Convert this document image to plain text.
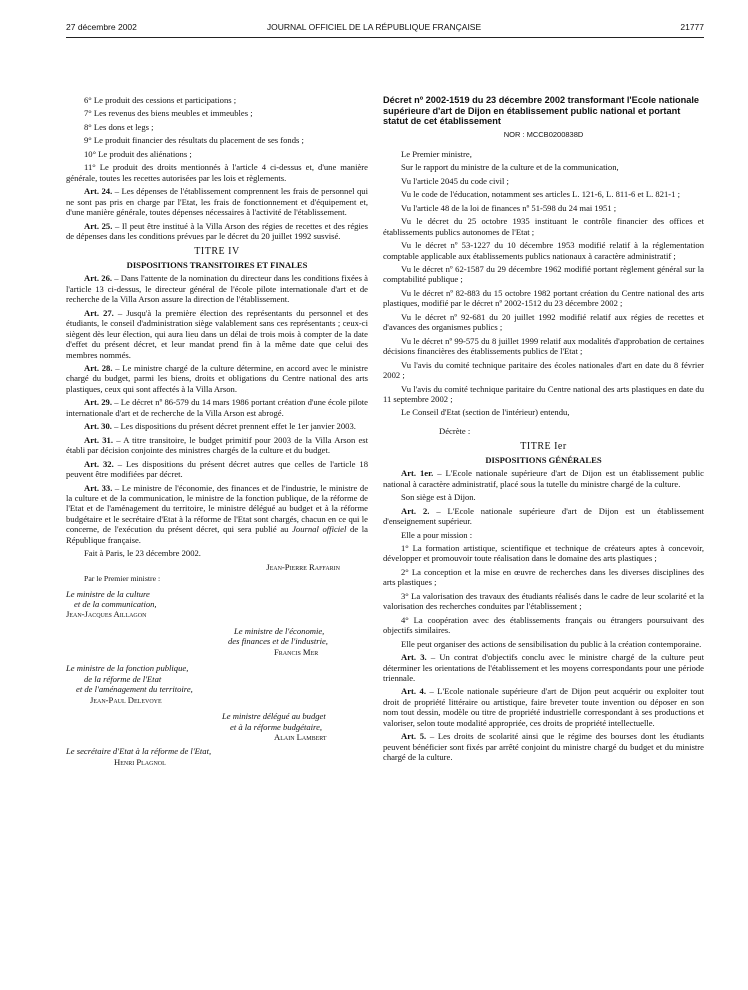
27 décembre 2002	JOURNAL OFFICIEL DE LA RÉPUBLIQUE FRANÇAISE	21777

6° Le produit des cessions et participations ;

7° Les revenus des biens meubles et immeubles ;

8° Les dons et legs ;

9° Le produit financier des résultats du placement de ses fonds ;

10° Le produit des aliénations ;

11° Le produit des droits mentionnés à l'article 4 ci-dessus et, d'une manière générale, toutes les recettes autorisées par les lois et règlements.

Art. 24. – Les dépenses de l'établissement comprennent les frais de personnel qui ne sont pas pris en charge par l'Etat, les frais de fonctionnement et d'équipement et, d'une manière générale, toutes dépenses nécessaires à l'activité de l'établissement.

Art. 25. – Il peut être institué à la Villa Arson des régies de recettes et des régies de dépenses dans les conditions prévues par le décret du 20 juillet 1992 susvisé.

TITRE IV
DISPOSITIONS TRANSITOIRES ET FINALES

Art. 26. – Dans l'attente de la nomination du directeur dans les conditions fixées à l'article 13 ci-dessus, le directeur général de l'école pilote internationale d'art et de recherche de la Villa Arson assure la direction de l'établissement.

Art. 27. – Jusqu'à la première élection des représentants du personnel et des étudiants, le conseil d'administration siège valablement sans ces représentants ; ceux-ci siègent dès leur élection, qui aura lieu dans un délai de trois mois à compter de la date d'effet du présent décret, et leur mandat prend fin à la même date que celui des membres nommés.

Art. 28. – Le ministre chargé de la culture détermine, en accord avec le ministre chargé du budget, parmi les biens, droits et obligations du Centre national des arts plastiques, ceux qui sont affectés à la Villa Arson.

Art. 29. – Le décret nº 86-579 du 14 mars 1986 portant création d'une école pilote internationale d'art et de recherche de la Villa Arson est abrogé.

Art. 30. – Les dispositions du présent décret prennent effet le 1er janvier 2003.

Art. 31. – A titre transitoire, le budget primitif pour 2003 de la Villa Arson est établi par décision conjointe des ministres chargés de la culture et du budget.

Art. 32. – Les dispositions du présent décret autres que celles de l'article 18 peuvent être modifiées par décret.

Art. 33. – Le ministre de l'économie, des finances et de l'industrie, le ministre de la culture et de la communication, le ministre de la fonction publique, de la réforme de l'Etat et de l'aménagement du territoire, le ministre délégué au budget et à la réforme budgétaire et le secrétaire d'Etat à la réforme de l'Etat sont chargés, chacun en ce qui le concerne, de l'exécution du présent décret, qui sera publié au Journal officiel de la République française.

Fait à Paris, le 23 décembre 2002.

Jean-Pierre Raffarin

Par le Premier ministre :

Le ministre de la culture

et de la communication,

Jean-Jacques Aillagon

Le ministre de l'économie,

des finances et de l'industrie,

Francis Mer

Le ministre de la fonction publique,

de la réforme de l'Etat

et de l'aménagement du territoire,

Jean-Paul Delevoye

Le ministre délégué au budget

et à la réforme budgétaire,

Alain Lambert

Le secrétaire d'Etat à la réforme de l'Etat,

Henri Plagnol

Décret nº 2002-1519 du 23 décembre 2002 transformant l'Ecole nationale supérieure d'art de Dijon en établissement public national et portant statut de cet établissement

NOR : MCCB0200838D

Le Premier ministre,

Sur le rapport du ministre de la culture et de la communication,

Vu l'article 2045 du code civil ;

Vu le code de l'éducation, notamment ses articles L. 121-6, L. 811-6 et L. 821-1 ;

Vu l'article 48 de la loi de finances nº 51-598 du 24 mai 1951 ;

Vu le décret du 25 octobre 1935 instituant le contrôle financier des offices et établissements publics autonomes de l'Etat ;

Vu le décret nº 53-1227 du 10 décembre 1953 modifié relatif à la réglementation comptable applicable aux établissements publics nationaux à caractère administratif ;

Vu le décret nº 62-1587 du 29 décembre 1962 modifié portant règlement général sur la comptabilité publique ;

Vu le décret nº 82-883 du 15 octobre 1982 portant création du Centre national des arts plastiques, modifié par le décret nº 2002-1512 du 23 décembre 2002 ;

Vu le décret nº 92-681 du 20 juillet 1992 modifié relatif aux régies de recettes et d'avances des organismes publics ;

Vu le décret nº 99-575 du 8 juillet 1999 relatif aux modalités d'approbation de certaines décisions financières des établissements publics de l'Etat ;

Vu l'avis du comité technique paritaire des écoles nationales d'art en date du 8 février 2002 ;

Vu l'avis du comité technique paritaire du Centre national des arts plastiques en date du 11 septembre 2002 ;

Le Conseil d'Etat (section de l'intérieur) entendu,

Décrète :

TITRE Ier
DISPOSITIONS GÉNÉRALES

Art. 1er. – L'Ecole nationale supérieure d'art de Dijon est un établissement public national à caractère administratif, placé sous la tutelle du ministre chargé de la culture.

Son siège est à Dijon.

Art. 2. – L'Ecole nationale supérieure d'art de Dijon est un établissement d'enseignement supérieur.

Elle a pour mission :

1° La formation artistique, scientifique et technique de créateurs aptes à concevoir, développer et promouvoir toute réalisation dans le domaine des arts plastiques ;

2° La conception et la mise en œuvre de recherches dans les diverses disciplines des arts plastiques ;

3° La valorisation des travaux des étudiants réalisés dans le cadre de leur scolarité et la valorisation des recherches conduites par l'établissement ;

4° La coopération avec des établissements français ou étrangers poursuivant des objectifs similaires.

Elle peut organiser des actions de sensibilisation du public à la création contemporaine.

Art. 3. – Un contrat d'objectifs conclu avec le ministre chargé de la culture peut déterminer les orientations de l'établissement et les moyens correspondants pour une période triennale.

Art. 4. – L'Ecole nationale supérieure d'art de Dijon peut acquérir ou exploiter tout droit de propriété littéraire ou artistique, faire breveter toute invention ou déposer en son nom tout dessin, modèle ou titre de propriété industrielle correspondant à ses productions et valoriser, selon toute modalité appropriée, ces droits de propriété intellectuelle.

Art. 5. – Les droits de scolarité ainsi que le régime des bourses dont les étudiants peuvent bénéficier sont fixés par arrêté conjoint du ministre chargé du budget et du ministre chargé de la culture.
